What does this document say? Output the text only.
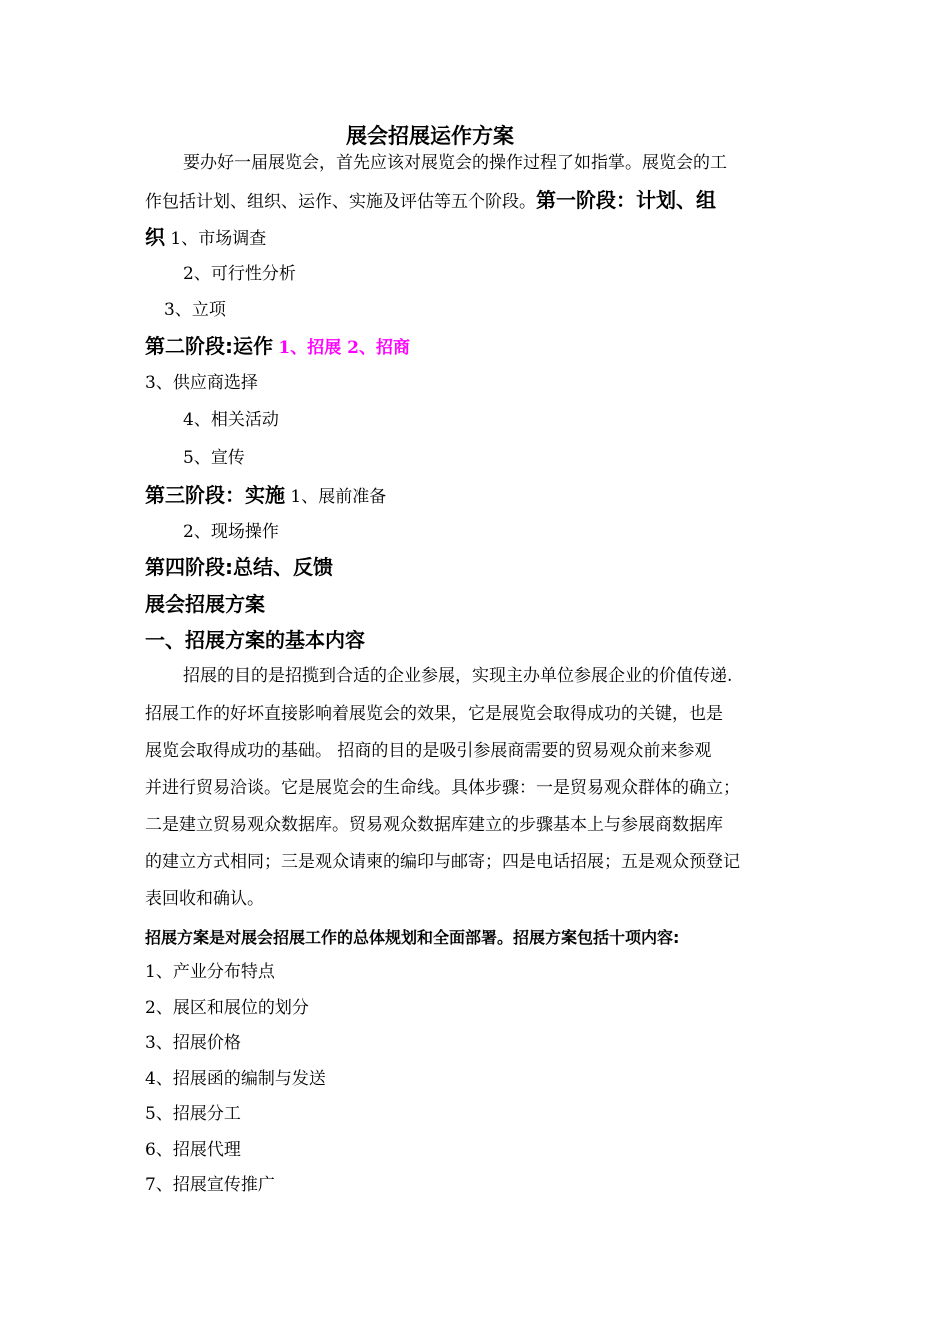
展会招展运作方案
要办好一届展览会，首先应该对展览会的操作过程了如指掌。展览会的工
作包括计划、组织、运作、实施及评估等五个阶段。第一阶段：计划、组
织 1、市场调查
2、可行性分析
3、立项
第二阶段:运作 1、招展 2、招商
3、供应商选择
4、相关活动
5、宣传
第三阶段：实施 1、展前准备
2、现场操作
第四阶段:总结、反馈
展会招展方案
一、招展方案的基本内容
招展的目的是招揽到合适的企业参展，实现主办单位参展企业的价值传递.
招展工作的好坏直接影响着展览会的效果，它是展览会取得成功的关键，也是
展览会取得成功的基础。 招商的目的是吸引参展商需要的贸易观众前来参观
并进行贸易洽谈。它是展览会的生命线。具体步骤：一是贸易观众群体的确立；
二是建立贸易观众数据库。贸易观众数据库建立的步骤基本上与参展商数据库
的建立方式相同；三是观众请柬的编印与邮寄；四是电话招展；五是观众预登记
表回收和确认。
招展方案是对展会招展工作的总体规划和全面部署。招展方案包括十项内容:
1、产业分布特点
2、展区和展位的划分
3、招展价格
4、招展函的编制与发送
5、招展分工
6、招展代理
7、招展宣传推广
